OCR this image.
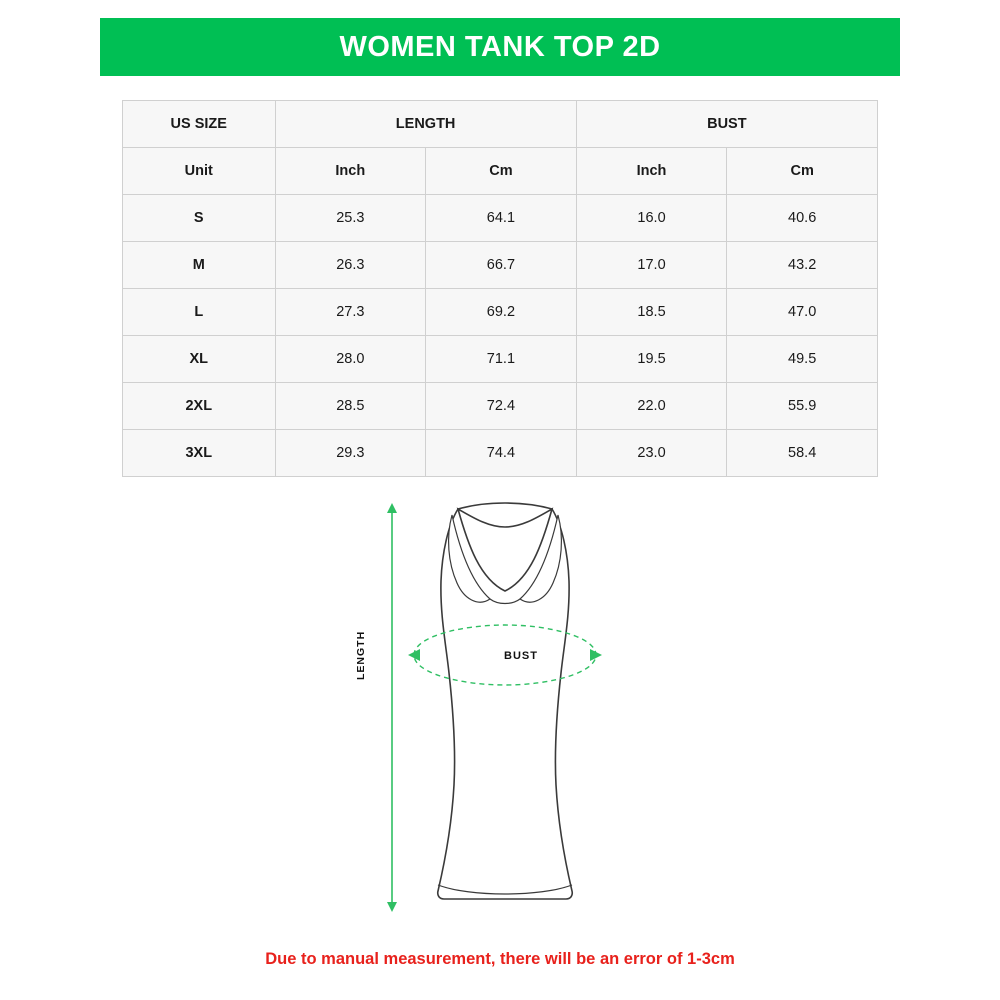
WOMEN TANK TOP 2D
US SIZE	LENGTH		BUST	
Unit	Inch	Cm	Inch	Cm
S	25.3	64.1	16.0	40.6
M	26.3	66.7	17.0	43.2
L	27.3	69.2	18.5	47.0
XL	28.0	71.1	19.5	49.5
2XL	28.5	72.4	22.0	55.9
3XL	29.3	74.4	23.0	58.4
LENGTH	BUST
Due to manual measurement, there will be an error of 1-3cm
